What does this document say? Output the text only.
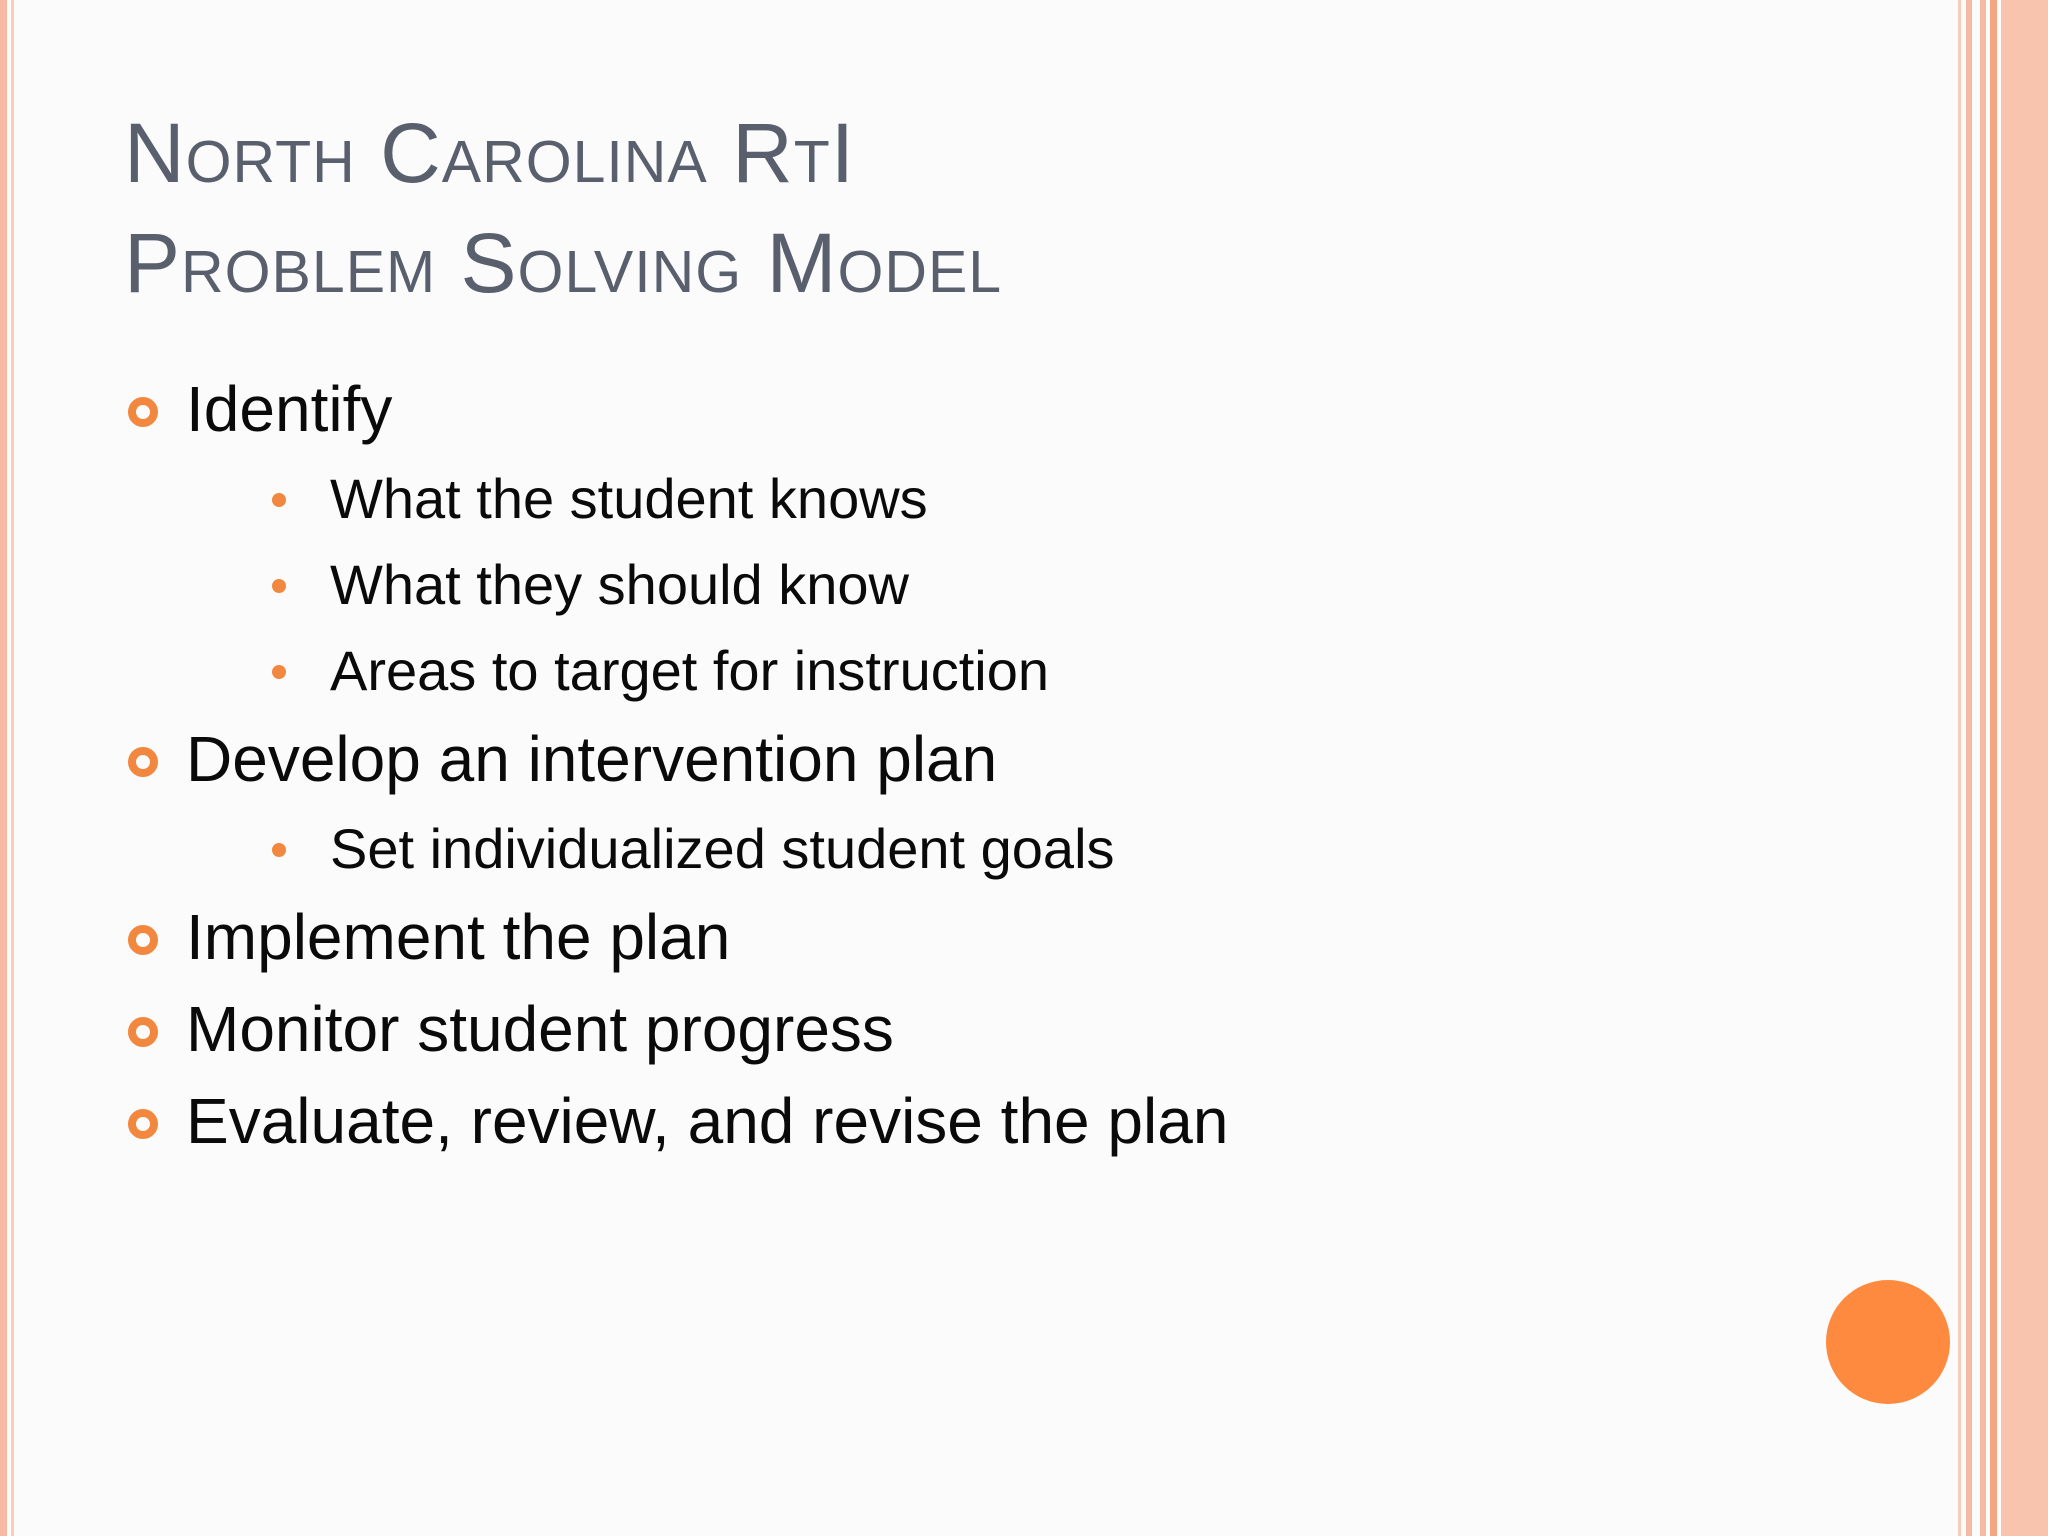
North Carolina RtI
Problem Solving Model
Identify
What the student knows
What they should know
Areas to target for instruction
Develop an intervention plan
Set individualized student goals
Implement the plan
Monitor student progress
Evaluate, review, and revise the plan
